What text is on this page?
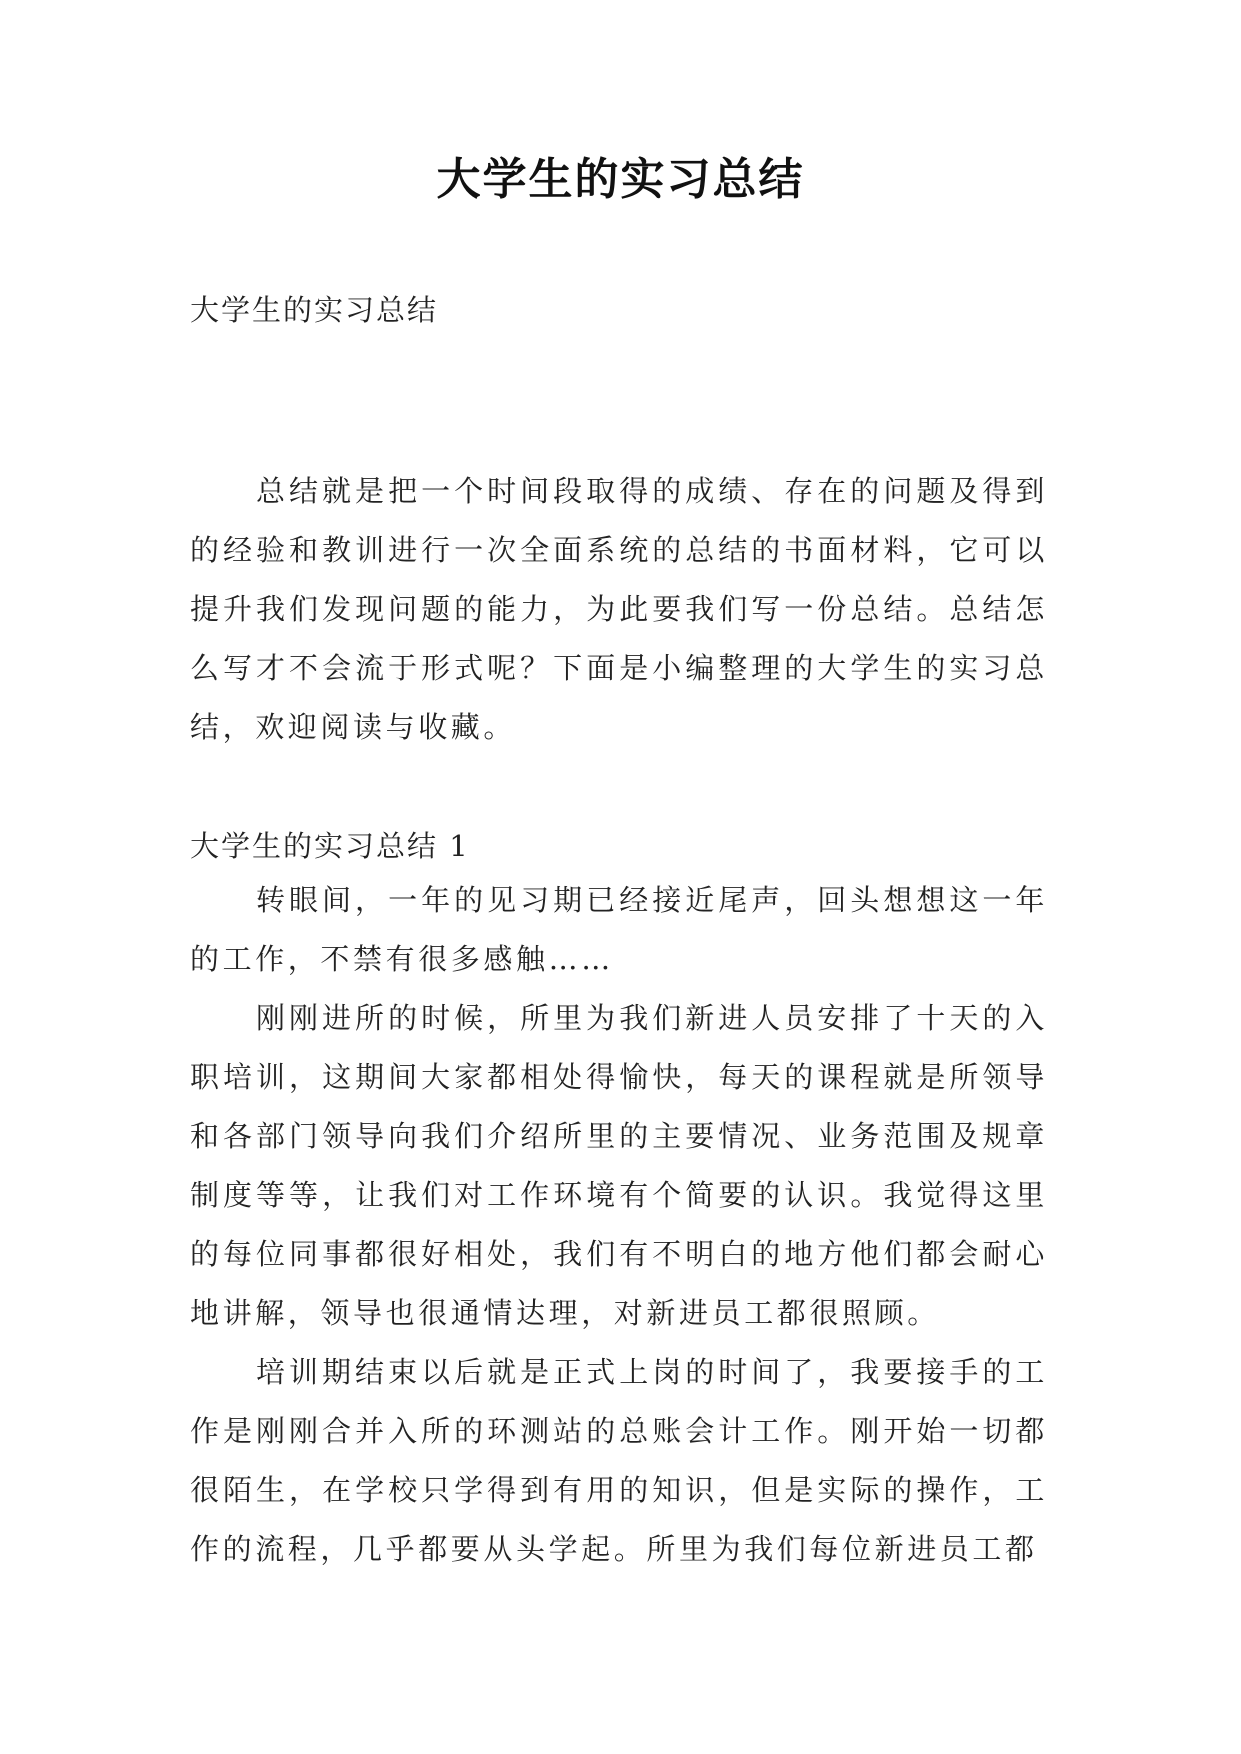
大学生的实习总结
大学生的实习总结

总结就是把一个时间段取得的成绩、存在的问题及得到的经验和教训进行一次全面系统的总结的书面材料，它可以提升我们发现问题的能力，为此要我们写一份总结。总结怎么写才不会流于形式呢？下面是小编整理的大学生的实习总结，欢迎阅读与收藏。

大学生的实习总结 1

转眼间，一年的见习期已经接近尾声，回头想想这一年的工作，不禁有很多感触……

刚刚进所的时候，所里为我们新进人员安排了十天的入职培训，这期间大家都相处得愉快，每天的课程就是所领导和各部门领导向我们介绍所里的主要情况、业务范围及规章制度等等，让我们对工作环境有个简要的认识。我觉得这里的每位同事都很好相处，我们有不明白的地方他们都会耐心地讲解，领导也很通情达理，对新进员工都很照顾。

培训期结束以后就是正式上岗的时间了，我要接手的工作是刚刚合并入所的环测站的总账会计工作。刚开始一切都很陌生，在学校只学得到有用的知识，但是实际的操作，工作的流程，几乎都要从头学起。所里为我们每位新进员工都
